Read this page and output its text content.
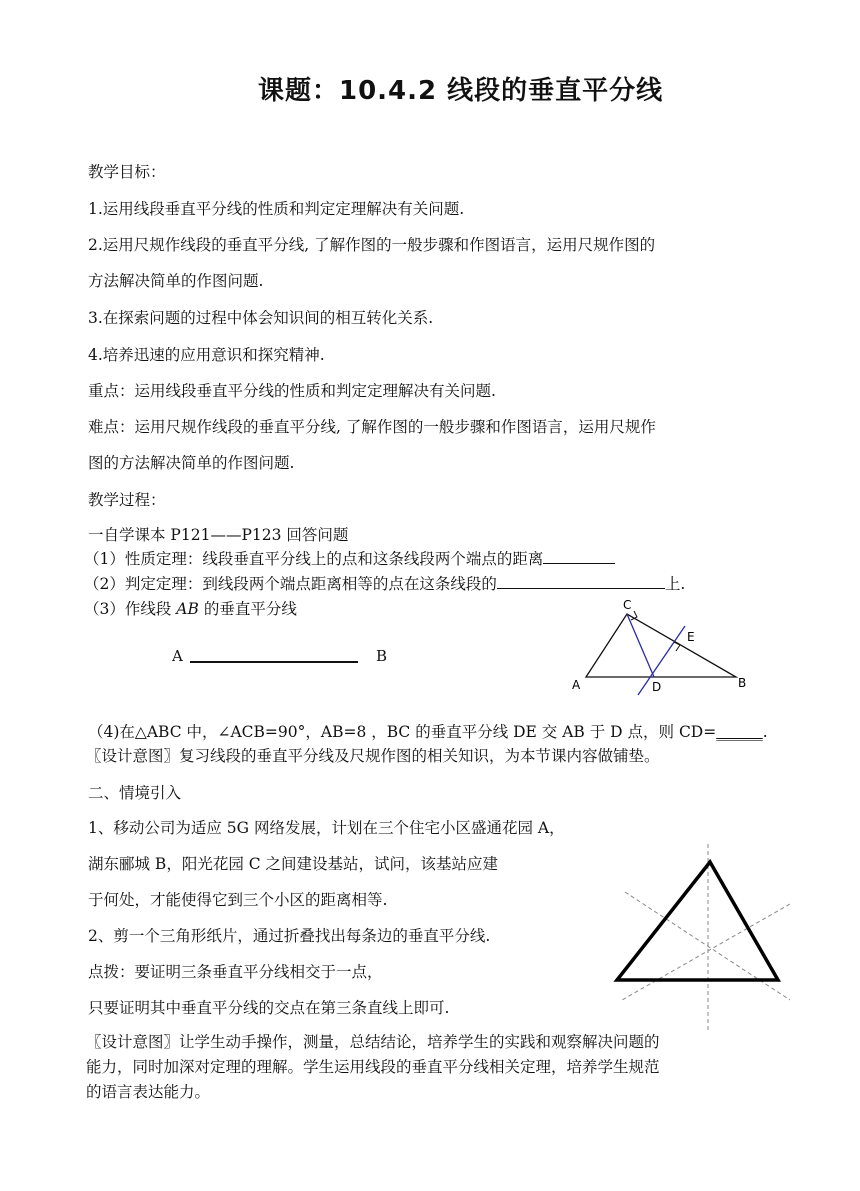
课题：10.4.2 线段的垂直平分线
教学目标：
1.运用线段垂直平分线的性质和判定定理解决有关问题.
2.运用尺规作线段的垂直平分线, 了解作图的一般步骤和作图语言，运用尺规作图的
方法解决简单的作图问题.
3.在探索问题的过程中体会知识间的相互转化关系.
4.培养迅速的应用意识和探究精神.
重点：运用线段垂直平分线的性质和判定定理解决有关问题.
难点：运用尺规作线段的垂直平分线, 了解作图的一般步骤和作图语言，运用尺规作
图的方法解决简单的作图问题.
教学过程：
一自学课本 P121——P123 回答问题
（1）性质定理：线段垂直平分线上的点和这条线段两个端点的距离
（2）判定定理：到线段两个端点距离相等的点在这条线段的	上.
（3）作线段 AB 的垂直平分线
A	B
A	B
C
D
E
（4)在△ABC 中，∠ACB=90°，AB=8 ，BC 的垂直平分线 DE 交 AB 于 D 点，则 CD=______.
〖设计意图〗复习线段的垂直平分线及尺规作图的相关知识，为本节课内容做铺垫。
二、情境引入
1、移动公司为适应 5G 网络发展，计划在三个住宅小区盛通花园 A，
湖东郦城 B，阳光花园 C 之间建设基站，试问，该基站应建
于何处，才能使得它到三个小区的距离相等.
2、剪一个三角形纸片，通过折叠找出每条边的垂直平分线.
点拨：要证明三条垂直平分线相交于一点，
只要证明其中垂直平分线的交点在第三条直线上即可.
〖设计意图〗让学生动手操作，测量，总结结论，培养学生的实践和观察解决问题的
能力，同时加深对定理的理解。学生运用线段的垂直平分线相关定理，培养学生规范
的语言表达能力。
